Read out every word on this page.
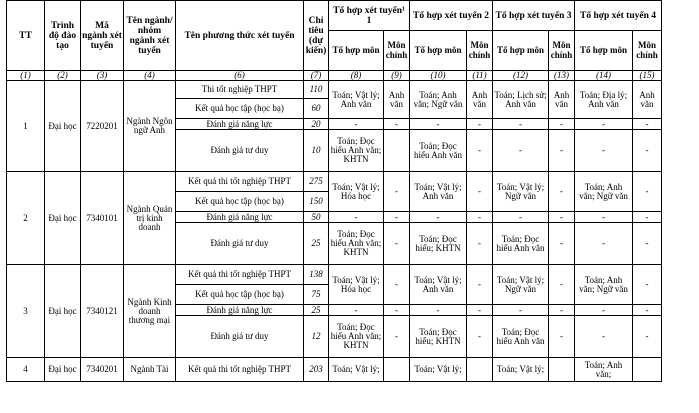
TT	Trình độ đào tạo	Mã ngành xét tuyển	Tên ngành/ nhóm ngành xét tuyển	Tên phương thức xét tuyển	Chỉ tiêu (dự kiến)	Tổ hợp xét tuyển¹ 1		Tổ hợp xét tuyển 2		Tổ hợp xét tuyển 3		Tổ hợp xét tuyển 4	
						Tổ hợp môn	Môn chính	Tổ hợp môn	Môn chính	Tổ hợp môn	Môn chính	Tổ hợp môn	Môn chính
(1)	(2)	(3)	(4)	(6)	(7)	(8)	(9)	(10)	(11)	(12)	(13)	(14)	(15)
1	Đại học	7220201	Ngành Ngôn ngữ Anh	Thi tốt nghiệp THPT	110	Toán; Vật lý; Anh văn	Anh văn	Toán; Anh văn; Ngữ văn	Anh văn	Toán; Lịch sử; Anh văn	Anh văn	Toán; Địa lý; Anh văn	Anh văn
				Kết quả học tập (học bạ)	60								
				Đánh giá năng lực	20	-	-	-	-	-	-	-	-
				Đánh giá tư duy	10	Toán; Đọc hiểu Anh văn; KHTN		Toán; Đọc hiểu Anh văn	-	-	-	-	-
2	Đại học	7340101	Ngành Quản trị kinh doanh	Kết quả thi tốt nghiệp THPT	275	Toán; Vật lý; Hóa học	-	Toán; Vật lý; Anh văn	-	Toán; Vật lý; Ngữ văn	-	Toán; Anh văn; Ngữ văn	-
				Kết quả học tập (học bạ)	150								
				Đánh giá năng lực	50	-	-	-	-	-	-	-	-
				Đánh giá tư duy	25	Toán; Đọc hiểu Anh văn; KHTN	-	Toán; Đọc hiểu; KHTN	-	Toán; Đọc hiểu Anh văn	-	-	-
3	Đại học	7340121	Ngành Kinh doanh thương mại	Kết quả thi tốt nghiệp THPT	138	Toán; Vật lý; Hóa học	-	Toán; Vật lý; Anh văn	-	Toán; Vật lý; Ngữ văn	-	Toán; Anh văn; Ngữ văn	-
				Kết quả học tập (học bạ)	75								
				Đánh giá năng lực	25	-	-	-	-	-	-	-	-
				Đánh giá tư duy	12	Toán; Đọc hiểu Anh văn; KHTN	-	Toán; Đọc hiểu; KHTN	-	Toán; Đọc hiểu Anh văn	-	-	-
4	Đại học	7340201	Ngành Tài	Kết quả thi tốt nghiệp THPT	203	Toán; Vật lý;		Toán; Vật lý;		Toán; Vật lý;		Toán; Anh văn;	
